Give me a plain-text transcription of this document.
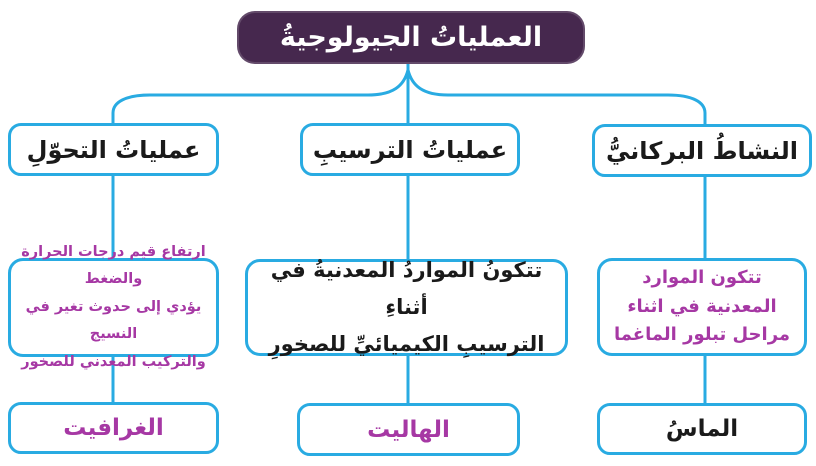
العملياتُ الجيولوجيةُ
النشاطُ البركانيُّ
تتكون الموارد
المعدنية في اثناء
مراحل تبلور الماغما
الماسُ
عملياتُ الترسيبِ
تتكونُ المواردُ المعدنيةُ في أثناءِ
الترسيبِ الكيميائيِّ للصخورِ
الهاليت
عملياتُ التحوّلِ
ارتفاع قيم درجات الحرارة والضغط
يؤدي إلى حدوث تغير في النسيج
والتركيب المعدني للصخور
الغرافيت
